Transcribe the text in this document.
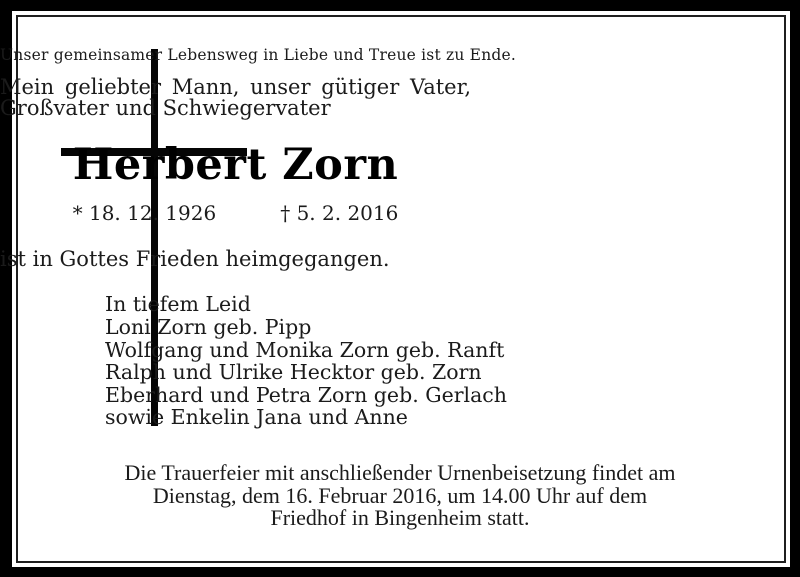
Unser gemeinsamer Lebensweg in Liebe und Treue ist zu Ende.
Mein geliebter Mann, unser gütiger Vater,
Großvater und Schwiegervater
Herbert Zorn
* 18. 12. 1926	† 5. 2. 2016
ist in Gottes Frieden heimgegangen.
In tiefem Leid
Loni Zorn geb. Pipp
Wolfgang und Monika Zorn geb. Ranft
Ralph und Ulrike Hecktor geb. Zorn
Eberhard und Petra Zorn geb. Gerlach
sowie Enkelin Jana und Anne
Die Trauerfeier mit anschließender Urnenbeisetzung findet am
Dienstag, dem 16. Februar 2016, um 14.00 Uhr auf dem
Friedhof in Bingenheim statt.
